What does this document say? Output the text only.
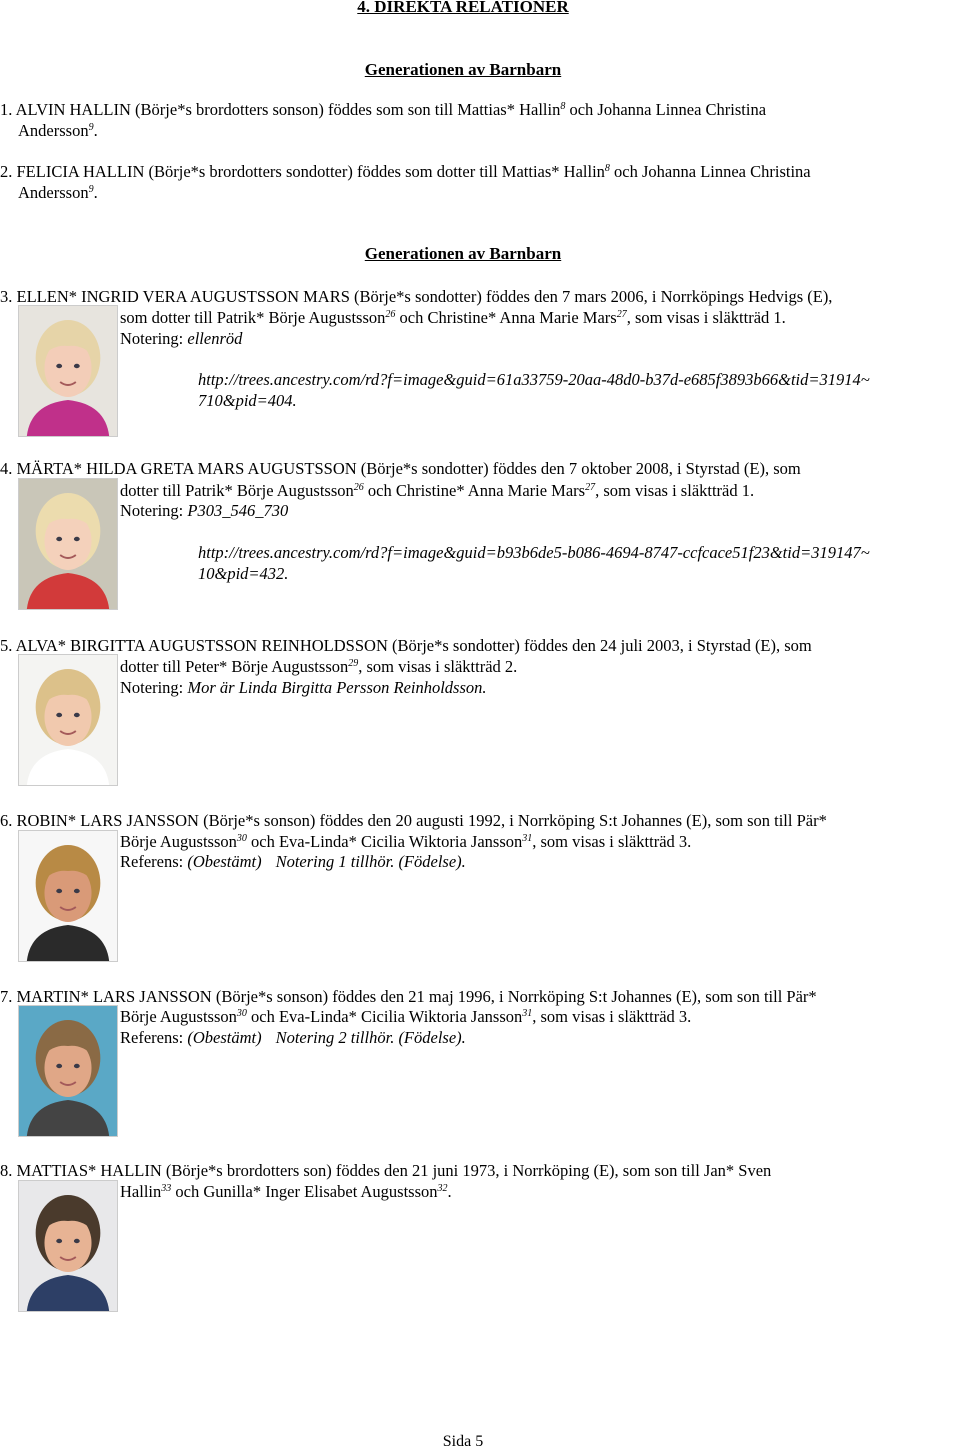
4. DIREKTA RELATIONER
Generationen av Barnbarn
1. ALVIN HALLIN (Börje*s brordotters sonson) föddes som son till Mattias* Hallin$^8$ och Johanna Linnea Christina
Andersson$^9$.
2. FELICIA HALLIN (Börje*s brordotters sondotter) föddes som dotter till Mattias* Hallin$^8$ och Johanna Linnea Christina
Andersson$^9$.
Generationen av Barnbarn
3. ELLEN* INGRID VERA AUGUSTSSON MARS (Börje*s sondotter) föddes den 7 mars 2006, i Norrköpings Hedvigs (E),
som dotter till Patrik* Börje Augustsson$^{26}$ och Christine* Anna Marie Mars$^{27}$, som visas i släktträd 1.
Notering: ellenröd
http://trees.ancestry.com/rd?f=image&guid=61a33759-20aa-48d0-b37d-e685f3893b66&tid=31914~
710&pid=404.
4. MÄRTA* HILDA GRETA MARS AUGUSTSSON (Börje*s sondotter) föddes den 7 oktober 2008, i Styrstad (E), som
dotter till Patrik* Börje Augustsson$^{26}$ och Christine* Anna Marie Mars$^{27}$, som visas i släktträd 1.
Notering: P303_546_730
http://trees.ancestry.com/rd?f=image&guid=b93b6de5-b086-4694-8747-ccfcace51f23&tid=319147~
10&pid=432.
5. ALVA* BIRGITTA AUGUSTSSON REINHOLDSSON (Börje*s sondotter) föddes den 24 juli 2003, i Styrstad (E), som
dotter till Peter* Börje Augustsson$^{29}$, som visas i släktträd 2.
Notering: Mor är Linda Birgitta Persson Reinholdsson.
6. ROBIN* LARS JANSSON (Börje*s sonson) föddes den 20 augusti 1992, i Norrköping S:t Johannes (E), som son till Pär*
Börje Augustsson$^{30}$ och Eva-Linda* Cicilia Wiktoria Jansson$^{31}$, som visas i släktträd 3.
Referens: (Obestämt) Notering 1 tillhör. (Födelse).
7. MARTIN* LARS JANSSON (Börje*s sonson) föddes den 21 maj 1996, i Norrköping S:t Johannes (E), som son till Pär*
Börje Augustsson$^{30}$ och Eva-Linda* Cicilia Wiktoria Jansson$^{31}$, som visas i släktträd 3.
Referens: (Obestämt) Notering 2 tillhör. (Födelse).
8. MATTIAS* HALLIN (Börje*s brordotters son) föddes den 21 juni 1973, i Norrköping (E), som son till Jan* Sven
Hallin$^{33}$ och Gunilla* Inger Elisabet Augustsson$^{32}$.
Sida 5
